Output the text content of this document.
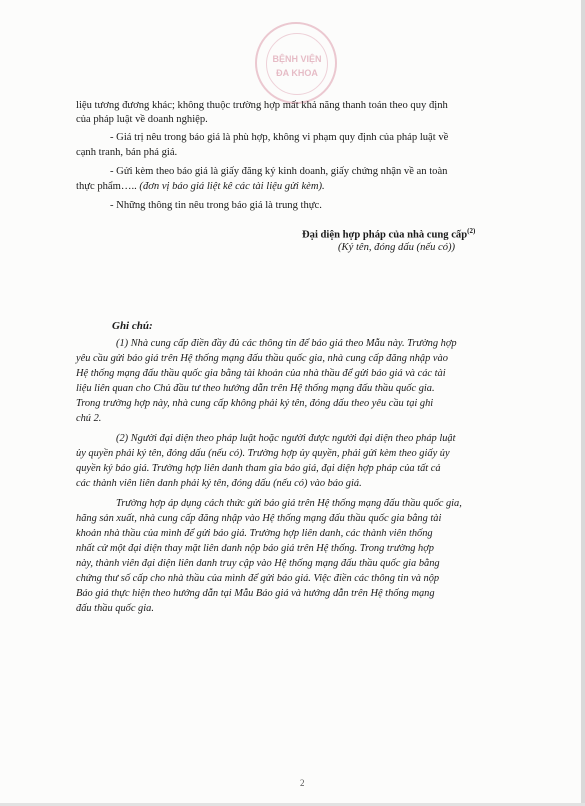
BỆNH VIỆN
ĐA KHOA
liệu tương đương khác; không thuộc trường hợp mất khả năng thanh toán theo quy định
của pháp luật về doanh nghiệp.
- Giá trị nêu trong báo giá là phù hợp, không vi phạm quy định của pháp luật về
cạnh tranh, bán phá giá.
- Gửi kèm theo báo giá là giấy đăng ký kinh doanh, giấy chứng nhận về an toàn
thực phẩm….. (đơn vị báo giá liệt kê các tài liệu gửi kèm).
- Những thông tin nêu trong báo giá là trung thực.
Đại diện hợp pháp của nhà cung cấp$^{(2)}$
(Ký tên, đóng dấu (nếu có))
Ghi chú:
(1) Nhà cung cấp điền đầy đủ các thông tin để báo giá theo Mẫu này. Trường hợp
yêu cầu gửi báo giá trên Hệ thống mạng đấu thầu quốc gia, nhà cung cấp đăng nhập vào
Hệ thống mạng đấu thầu quốc gia bằng tài khoản của nhà thầu để gửi báo giá và các tài
liệu liên quan cho Chủ đầu tư theo hướng dẫn trên Hệ thống mạng đấu thầu quốc gia.
Trong trường hợp này, nhà cung cấp không phải ký tên, đóng dấu theo yêu cầu tại ghi
chú 2.
(2) Người đại diện theo pháp luật hoặc người được người đại diện theo pháp luật
ủy quyền phải ký tên, đóng dấu (nếu có). Trường hợp ủy quyền, phải gửi kèm theo giấy ủy
quyền ký báo giá. Trường hợp liên danh tham gia báo giá, đại diện hợp pháp của tất cả
các thành viên liên danh phải ký tên, đóng dấu (nếu có) vào báo giá.
Trường hợp áp dụng cách thức gửi báo giá trên Hệ thống mạng đấu thầu quốc gia,
hãng sản xuất, nhà cung cấp đăng nhập vào Hệ thống mạng đấu thầu quốc gia bằng tài
khoản nhà thầu của mình để gửi báo giá. Trường hợp liên danh, các thành viên thống
nhất cử một đại diện thay mặt liên danh nộp báo giá trên Hệ thống. Trong trường hợp
này, thành viên đại diện liên danh truy cập vào Hệ thống mạng đấu thầu quốc gia bằng
chứng thư số cấp cho nhà thầu của mình để gửi báo giá. Việc điền các thông tin và nộp
Báo giá thực hiện theo hướng dẫn tại Mẫu Báo giá và hướng dẫn trên Hệ thống mạng
đấu thầu quốc gia.
2
